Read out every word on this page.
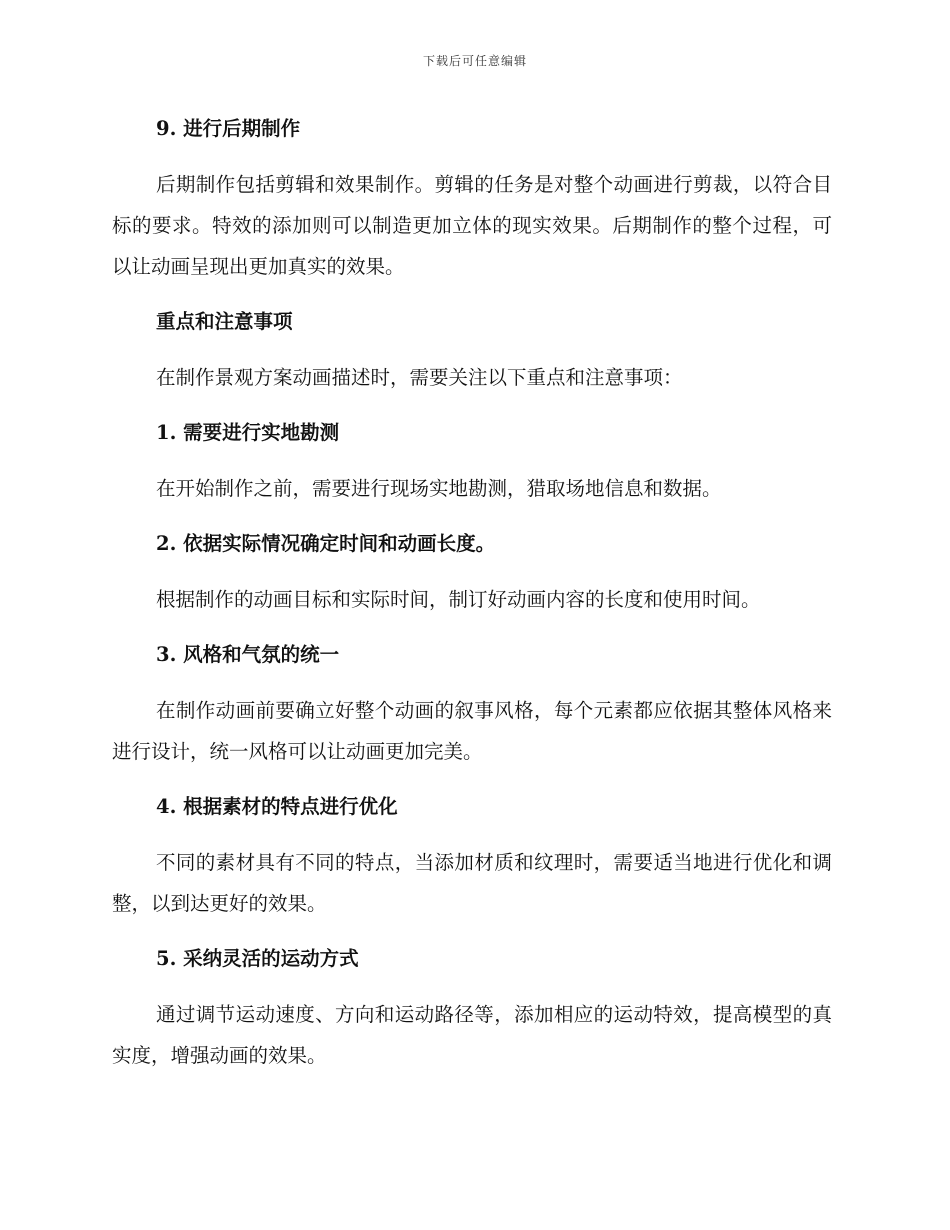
下载后可任意编辑
9. 进行后期制作
后期制作包括剪辑和效果制作。剪辑的任务是对整个动画进行剪裁，以符合目标的要求。特效的添加则可以制造更加立体的现实效果。后期制作的整个过程，可以让动画呈现出更加真实的效果。
重点和注意事项
在制作景观方案动画描述时，需要关注以下重点和注意事项：
1. 需要进行实地勘测
在开始制作之前，需要进行现场实地勘测，猎取场地信息和数据。
2. 依据实际情况确定时间和动画长度。
根据制作的动画目标和实际时间，制订好动画内容的长度和使用时间。
3. 风格和气氛的统一
在制作动画前要确立好整个动画的叙事风格，每个元素都应依据其整体风格来进行设计，统一风格可以让动画更加完美。
4. 根据素材的特点进行优化
不同的素材具有不同的特点，当添加材质和纹理时，需要适当地进行优化和调整，以到达更好的效果。
5. 采纳灵活的运动方式
通过调节运动速度、方向和运动路径等，添加相应的运动特效，提高模型的真实度，增强动画的效果。
